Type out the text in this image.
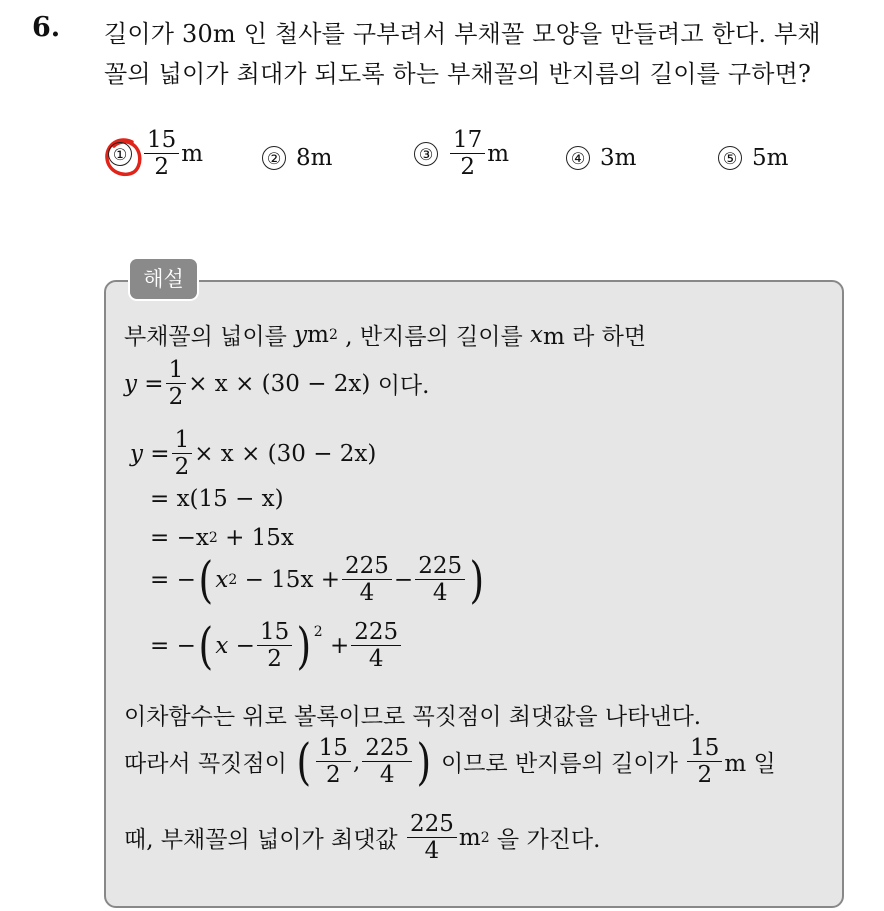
6. 길이가 30m 인 철사를 구부려서 부채꼴 모양을 만들려고 한다. 부채
꼴의 넓이가 최대가 되도록 하는 부채꼴의 반지름의 길이를 구하면?
① $\frac{15}{2}$ m	② 8m	③ $\frac{17}{2}$ m	④ 3m	⑤ 5m
해설
부채꼴의 넓이를
y m 2
, 반지름의 길이를
x m 라 하면
$y = \frac{1}{2} \times x \times (30 - 2x)$
이다.
$y = \frac{1}{2} \times x \times (30 - 2x)$
= x(15 − x)
= −x 2
+ 15x
= − ( x 2
− $15x + \frac{225}{4} - \frac{225}{4}$ )
= − ( $x - \frac{15}{2} )^2$

+ $\frac{225}{4}$
이차함수는 위로 볼록이므로 꼭짓점이 최댓값을 나타낸다.
따라서 꼭짓점이
( $\frac{15}{2}$ , $\frac{225}{4}$ )
이므로 반지름의 길이가
$\frac{15}{2}$ m 일
때, 부채꼴의 넓이가 최댓값
$\frac{225}{4}$ m 2
을 가진다.
